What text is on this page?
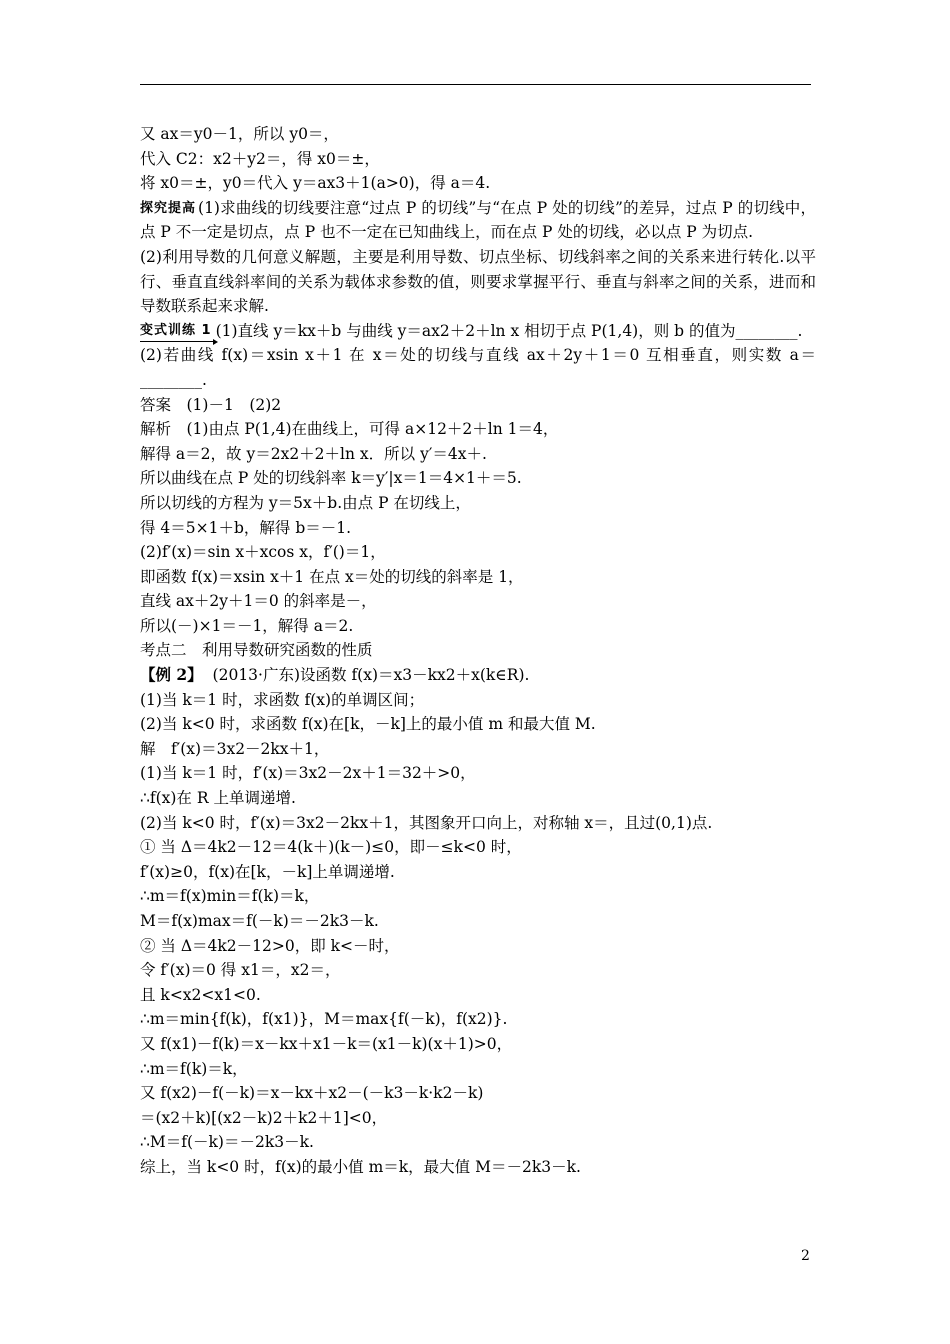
又 ax＝y0－1，所以 y0＝，
代入 C2：x2＋y2＝，得 x0＝±，
将 x0＝±，y0＝代入 y＝ax3＋1(a>0)，得 a＝4.
探究提高 (1)求曲线的切线要注意“过点 P 的切线”与“在点 P 处的切线”的差异，过点 P 的切线中，点 P 不一定是切点，点 P 也不一定在已知曲线上，而在点 P 处的切线，必以点 P 为切点.
(2)利用导数的几何意义解题，主要是利用导数、切点坐标、切线斜率之间的关系来进行转化.以平行、垂直直线斜率间的关系为载体求参数的值，则要求掌握平行、垂直与斜率之间的关系，进而和导数联系起来求解.
变式训练 1 (1)直线 y＝kx＋b 与曲线 y＝ax2＋2＋ln x 相切于点 P(1,4)，则 b 的值为________.
(2)若曲线 f(x)＝xsin x＋1 在 x＝处的切线与直线 ax＋2y＋1＝0 互相垂直，则实数 a＝________.
答案　(1)－1　(2)2
解析　(1)由点 P(1,4)在曲线上，可得 a×12＋2＋ln 1＝4，
解得 a＝2，故 y＝2x2＋2＋ln x．所以 y′＝4x＋.
所以曲线在点 P 处的切线斜率 k＝y′|x＝1＝4×1＋＝5.
所以切线的方程为 y＝5x＋b.由点 P 在切线上，
得 4＝5×1＋b，解得 b＝－1.
(2)f′(x)＝sin x＋xcos x，f′()＝1，
即函数 f(x)＝xsin x＋1 在点 x＝处的切线的斜率是 1，
直线 ax＋2y＋1＝0 的斜率是－，
所以(－)×1＝－1，解得 a＝2.
考点二　利用导数研究函数的性质
【例 2】 (2013·广东)设函数 f(x)＝x3－kx2＋x(k∈R).
(1)当 k＝1 时，求函数 f(x)的单调区间；
(2)当 k<0 时，求函数 f(x)在[k，－k]上的最小值 m 和最大值 M.
解　f′(x)＝3x2－2kx＋1，
(1)当 k＝1 时，f′(x)＝3x2－2x＋1＝32＋>0，
∴f(x)在 R 上单调递增.
(2)当 k<0 时，f′(x)＝3x2－2kx＋1，其图象开口向上，对称轴 x＝，且过(0,1)点.
① 当 Δ＝4k2－12＝4(k＋)(k－)≤0，即－≤k<0 时，
f′(x)≥0，f(x)在[k，－k]上单调递增.
∴m＝f(x)min＝f(k)＝k，
M＝f(x)max＝f(－k)＝－2k3－k.
② 当 Δ＝4k2－12>0，即 k<－时，
令 f′(x)＝0 得 x1＝，x2＝，
且 k<x2<x1<0.
∴m＝min{f(k)，f(x1)}，M＝max{f(－k)，f(x2)}.
又 f(x1)－f(k)＝x－kx＋x1－k＝(x1－k)(x＋1)>0，
∴m＝f(k)＝k，
又 f(x2)－f(－k)＝x－kx＋x2－(－k3－k·k2－k)
＝(x2＋k)[(x2－k)2＋k2＋1]<0，
∴M＝f(－k)＝－2k3－k.
综上，当 k<0 时，f(x)的最小值 m＝k，最大值 M＝－2k3－k.
2
